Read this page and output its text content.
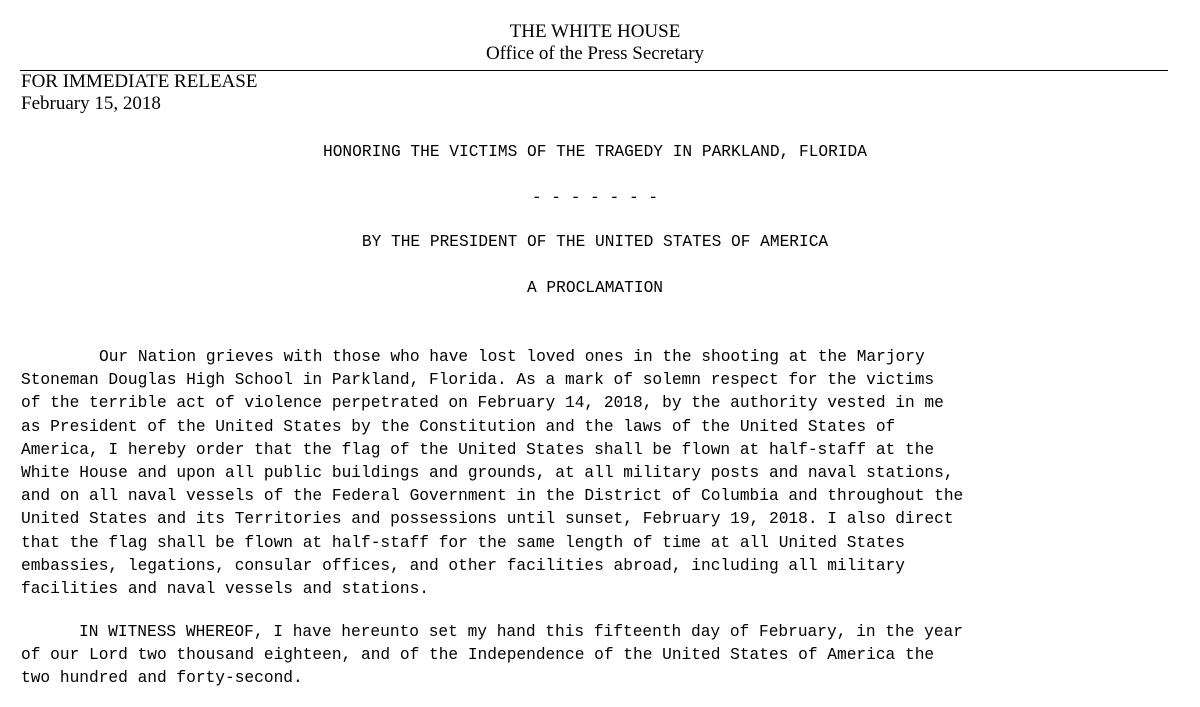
THE WHITE HOUSE
Office of the Press Secretary
FOR IMMEDIATE RELEASE
February 15, 2018
HONORING THE VICTIMS OF THE TRAGEDY IN PARKLAND, FLORIDA
- - - - - - -
BY THE PRESIDENT OF THE UNITED STATES OF AMERICA
A PROCLAMATION

Our Nation grieves with those who have lost loved ones in the shooting at the Marjory
Stoneman Douglas High School in Parkland, Florida. As a mark of solemn respect for the victims
of the terrible act of violence perpetrated on February 14, 2018, by the authority vested in me
as President of the United States by the Constitution and the laws of the United States of
America, I hereby order that the flag of the United States shall be flown at half-staff at the
White House and upon all public buildings and grounds, at all military posts and naval stations,
and on all naval vessels of the Federal Government in the District of Columbia and throughout the
United States and its Territories and possessions until sunset, February 19, 2018. I also direct
that the flag shall be flown at half-staff for the same length of time at all United States
embassies, legations, consular offices, and other facilities abroad, including all military
facilities and naval vessels and stations.

IN WITNESS WHEREOF, I have hereunto set my hand this fifteenth day of February, in the year
of our Lord two thousand eighteen, and of the Independence of the United States of America the
two hundred and forty-second.
